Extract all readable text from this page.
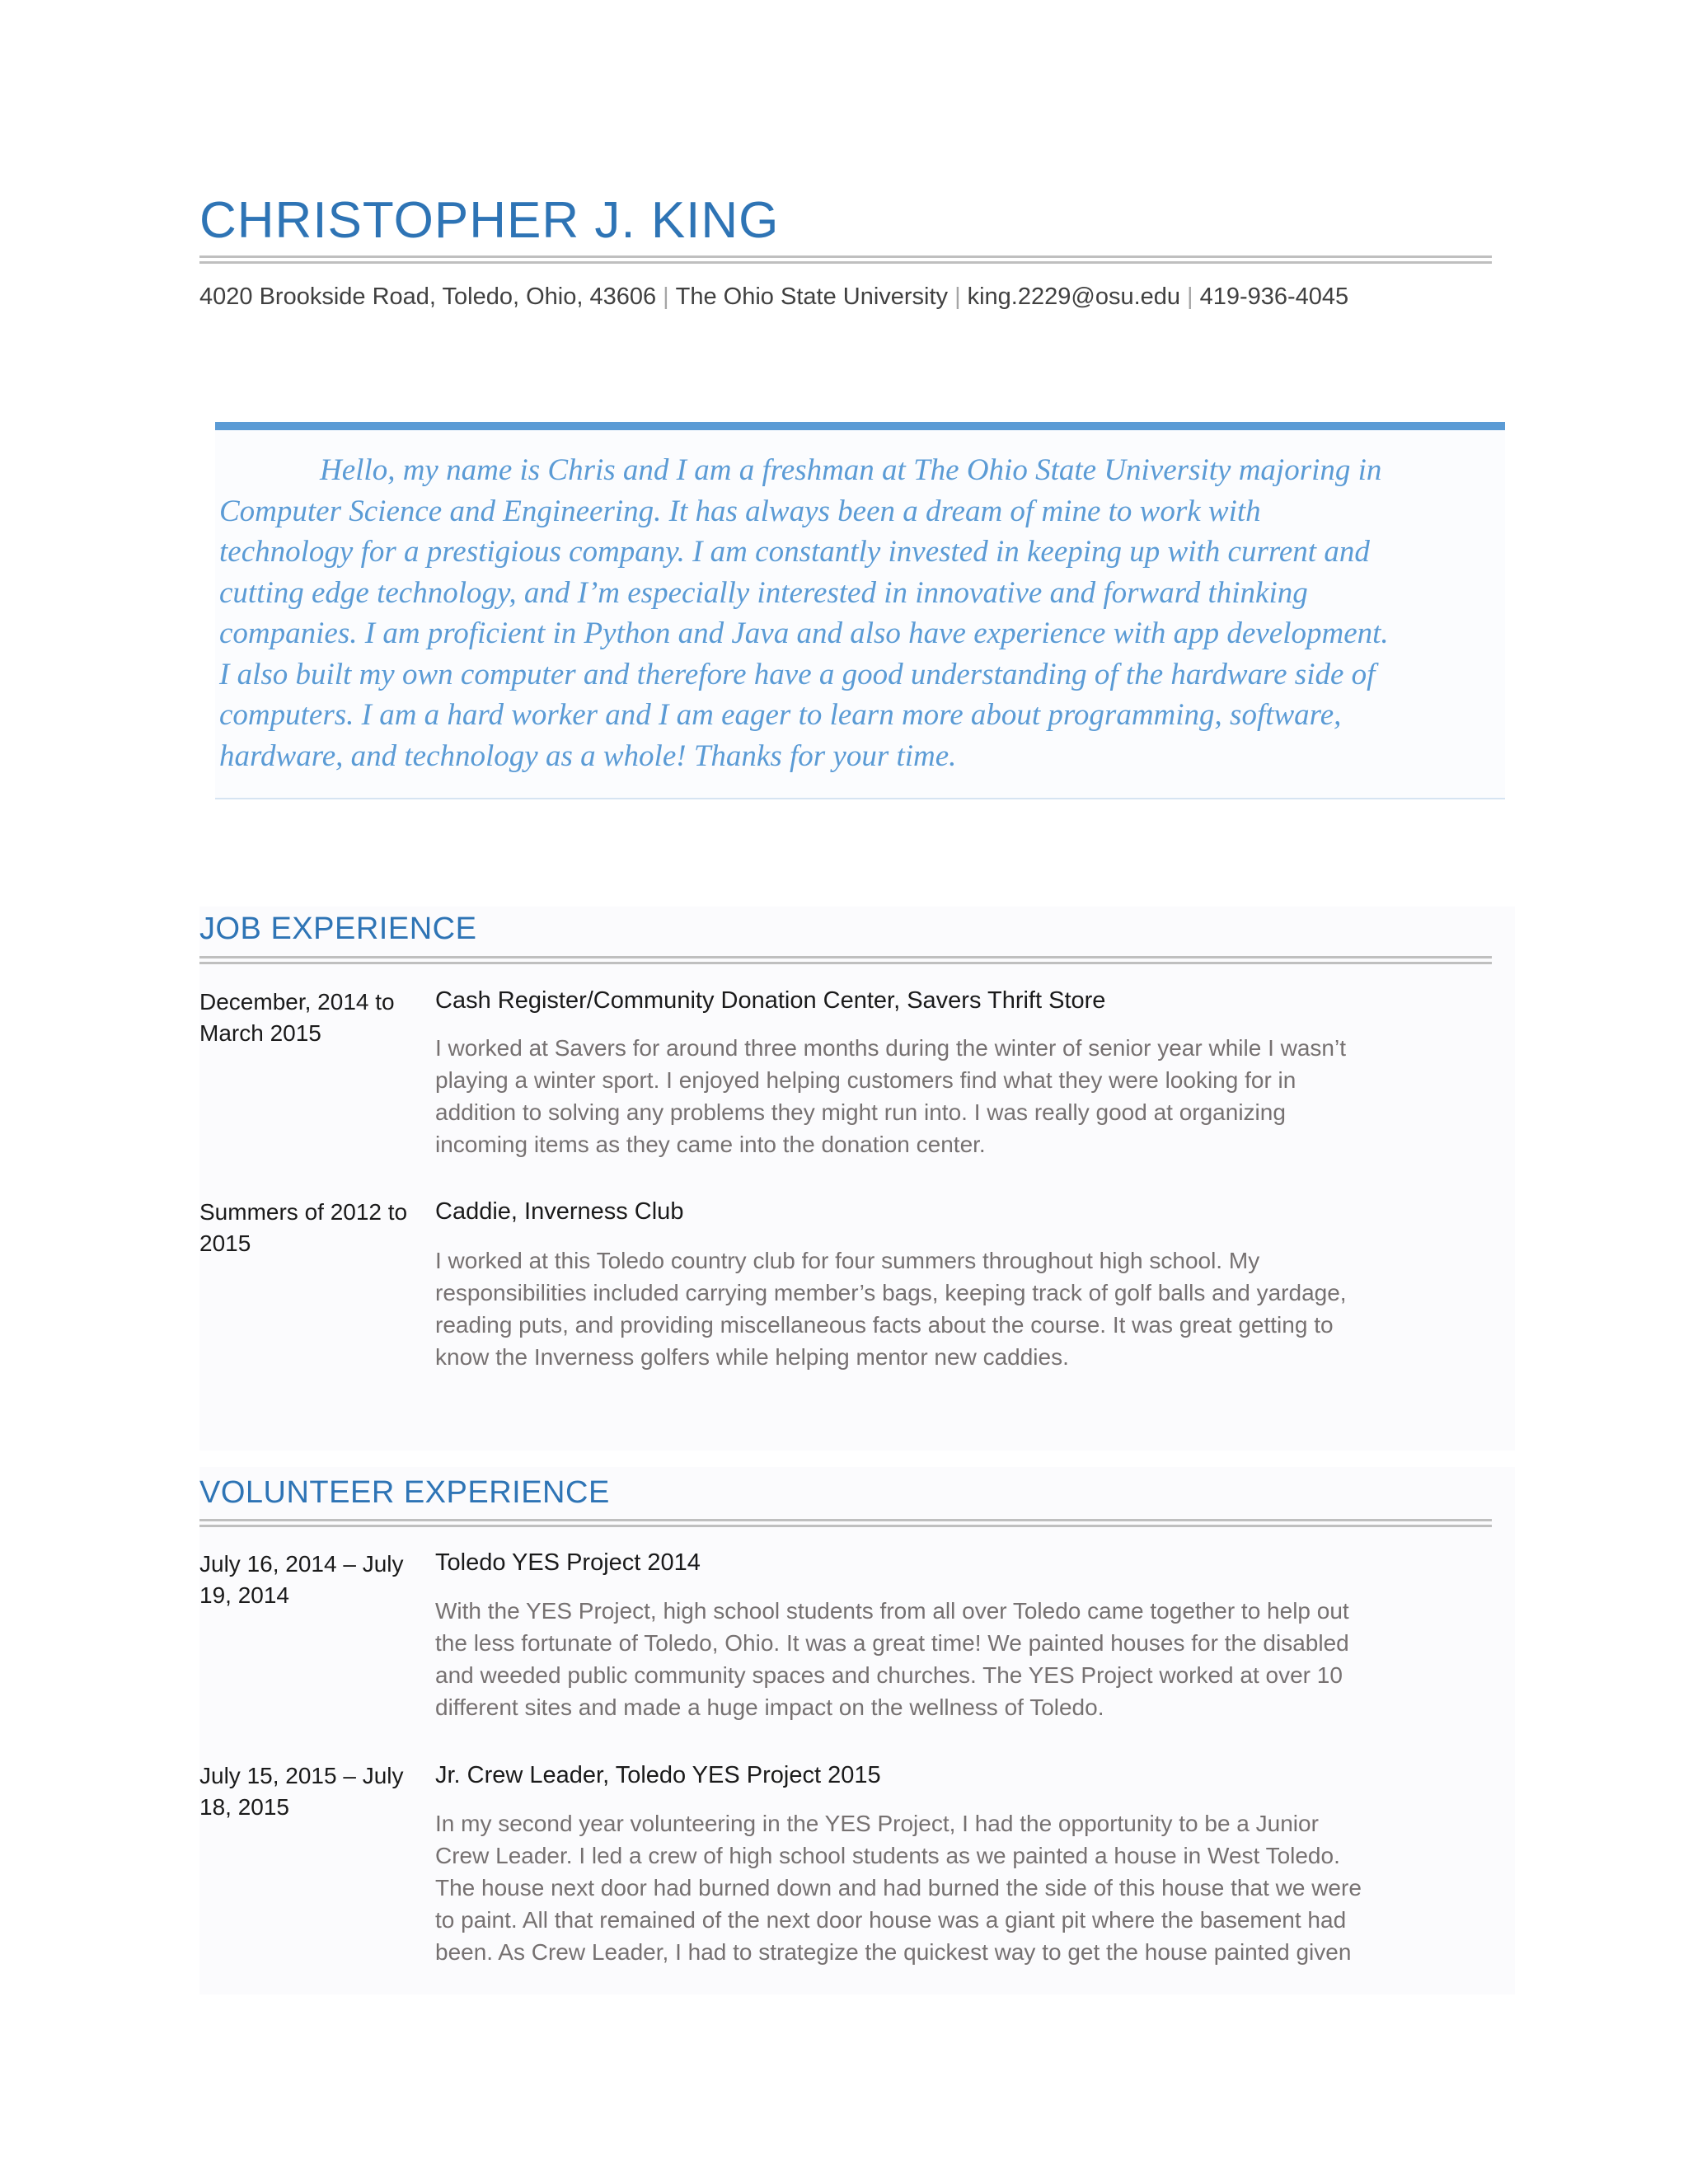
CHRISTOPHER J. KING
4020 Brookside Road, Toledo, Ohio, 43606 | The Ohio State University | king.2229@osu.edu | 419-936-4045
Hello, my name is Chris and I am a freshman at The Ohio State University majoring in
Computer Science and Engineering. It has always been a dream of mine to work with
technology for a prestigious company. I am constantly invested in keeping up with current and
cutting edge technology, and I’m especially interested in innovative and forward thinking
companies. I am proficient in Python and Java and also have experience with app development.
I also built my own computer and therefore have a good understanding of the hardware side of
computers. I am a hard worker and I am eager to learn more about programming, software,
hardware, and technology as a whole! Thanks for your time.
JOB EXPERIENCE
December, 2014 to
March 2015
Cash Register/Community Donation Center, Savers Thrift Store
I worked at Savers for around three months during the winter of senior year while I wasn’t
playing a winter sport. I enjoyed helping customers find what they were looking for in
addition to solving any problems they might run into. I was really good at organizing
incoming items as they came into the donation center.
Summers of 2012 to
2015
Caddie, Inverness Club
I worked at this Toledo country club for four summers throughout high school. My
responsibilities included carrying member’s bags, keeping track of golf balls and yardage,
reading puts, and providing miscellaneous facts about the course. It was great getting to
know the Inverness golfers while helping mentor new caddies.
VOLUNTEER EXPERIENCE
July 16, 2014 – July
19, 2014
Toledo YES Project 2014
With the YES Project, high school students from all over Toledo came together to help out
the less fortunate of Toledo, Ohio. It was a great time! We painted houses for the disabled
and weeded public community spaces and churches. The YES Project worked at over 10
different sites and made a huge impact on the wellness of Toledo.
July 15, 2015 – July
18, 2015
Jr. Crew Leader, Toledo YES Project 2015
In my second year volunteering in the YES Project, I had the opportunity to be a Junior
Crew Leader. I led a crew of high school students as we painted a house in West Toledo.
The house next door had burned down and had burned the side of this house that we were
to paint. All that remained of the next door house was a giant pit where the basement had
been. As Crew Leader, I had to strategize the quickest way to get the house painted given
